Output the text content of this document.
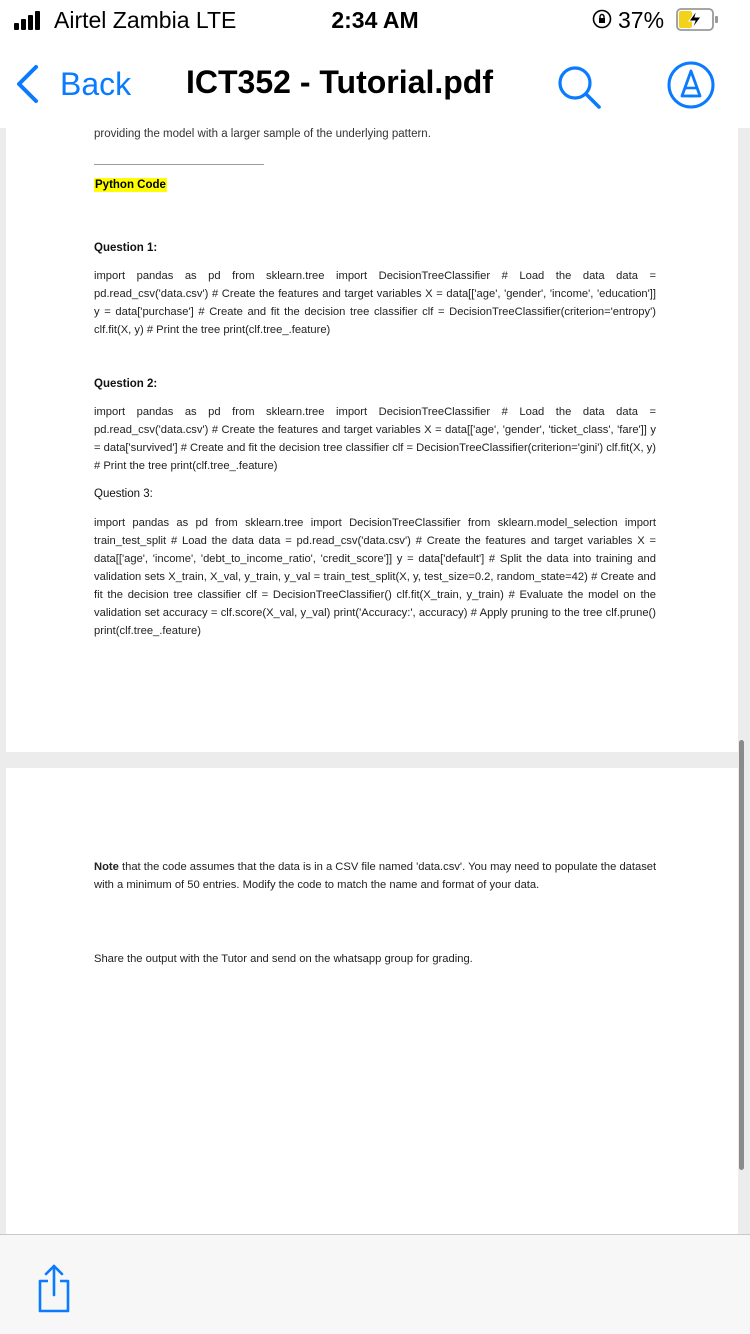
Airtel Zambia LTE	2:34 AM	37%
Back ICT352 - Tutorial.pdf
providing the model with a larger sample of the underlying pattern.
Python Code
Question 1:
import pandas as pd from sklearn.tree import DecisionTreeClassifier # Load the data data = pd.read_csv('data.csv') # Create the features and target variables X = data[['age', 'gender', 'income', 'education']] y = data['purchase'] # Create and fit the decision tree classifier clf = DecisionTreeClassifier(criterion='entropy') clf.fit(X, y) # Print the tree print(clf.tree_.feature)
Question 2:
import pandas as pd from sklearn.tree import DecisionTreeClassifier # Load the data data = pd.read_csv('data.csv') # Create the features and target variables X = data[['age', 'gender', 'ticket_class', 'fare']] y = data['survived'] # Create and fit the decision tree classifier clf = DecisionTreeClassifier(criterion='gini') clf.fit(X, y) # Print the tree print(clf.tree_.feature)
Question 3:
import pandas as pd from sklearn.tree import DecisionTreeClassifier from sklearn.model_selection import train_test_split # Load the data data = pd.read_csv('data.csv') # Create the features and target variables X = data[['age', 'income', 'debt_to_income_ratio', 'credit_score']] y = data['default'] # Split the data into training and validation sets X_train, X_val, y_train, y_val = train_test_split(X, y, test_size=0.2, random_state=42) # Create and fit the decision tree classifier clf = DecisionTreeClassifier() clf.fit(X_train, y_train) # Evaluate the model on the validation set accuracy = clf.score(X_val, y_val) print('Accuracy:', accuracy) # Apply pruning to the tree clf.prune() print(clf.tree_.feature)
Note that the code assumes that the data is in a CSV file named 'data.csv'. You may need to populate the dataset with a minimum of 50 entries. Modify the code to match the name and format of your data.
Share the output with the Tutor and send on the whatsapp group for grading.
